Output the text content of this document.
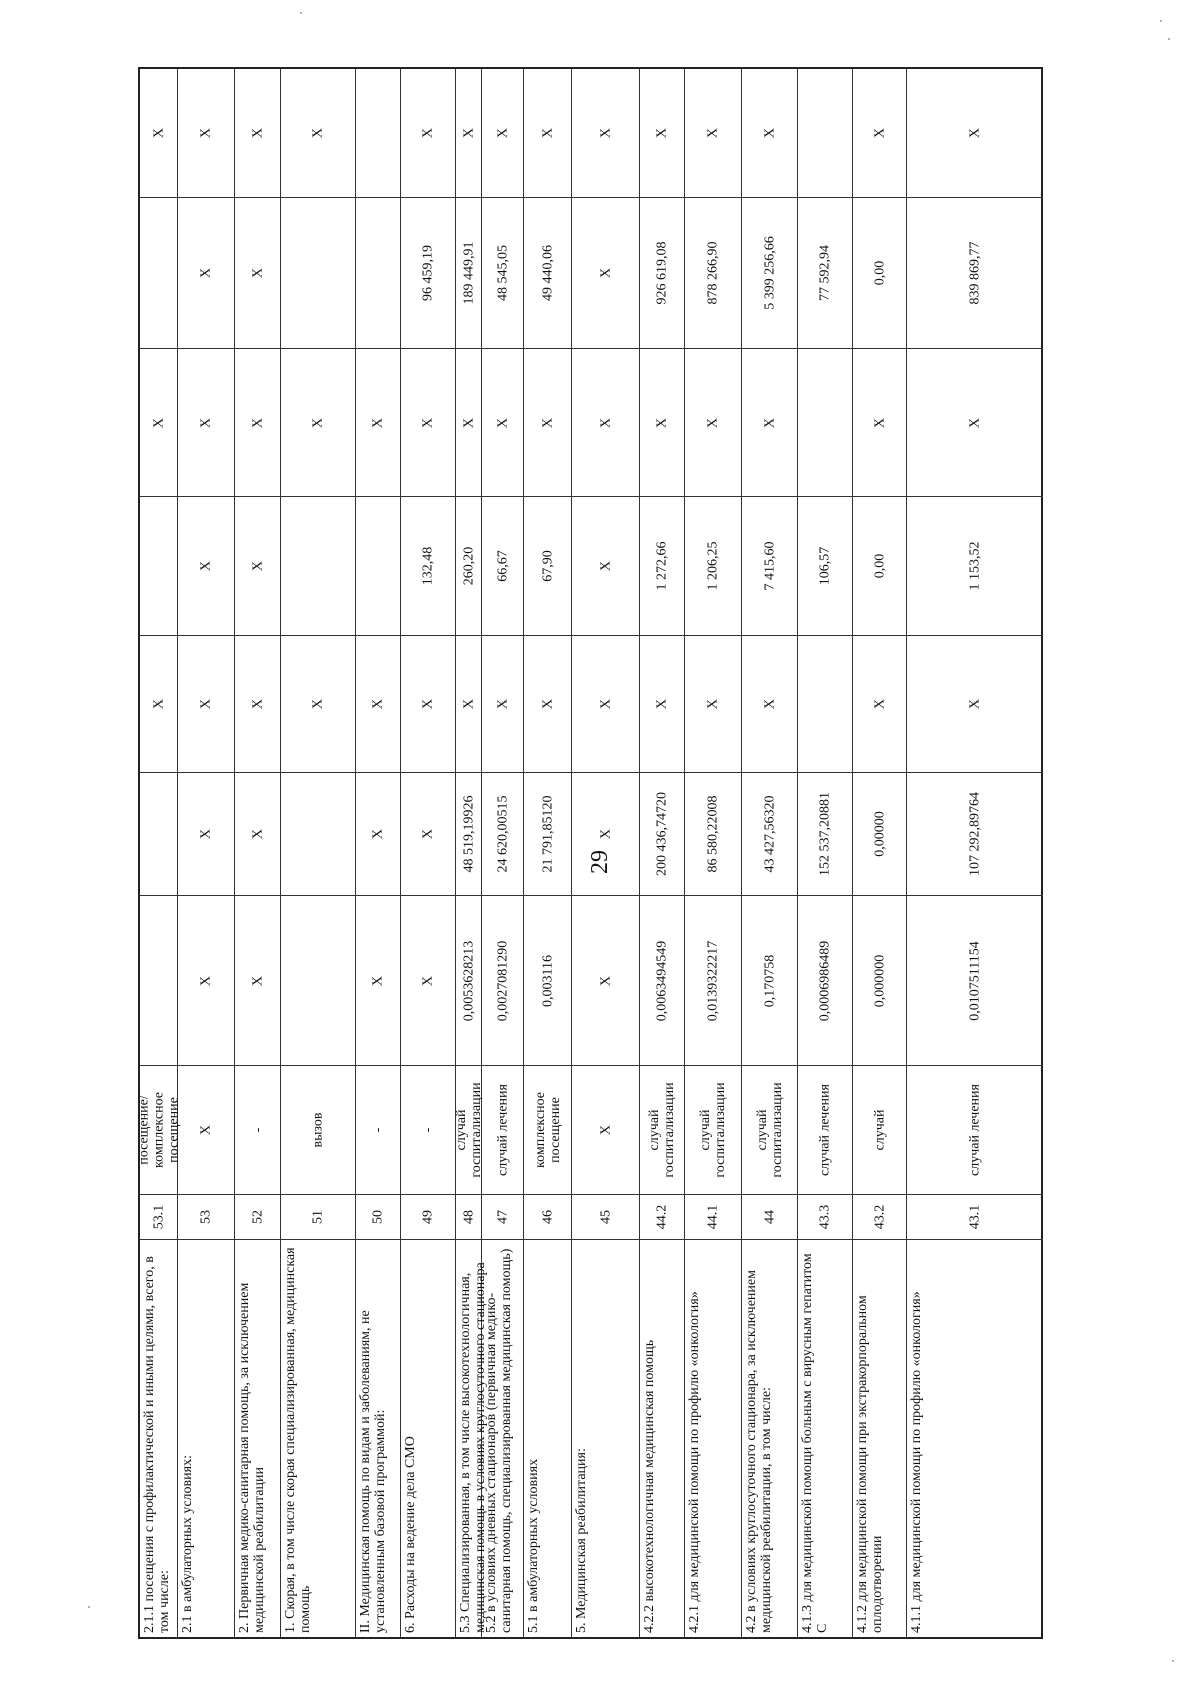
29
2.1.1 посещения с профилактической и иными целями, всего, в том числе:
53.1
посещение/ комплексное посещение
Х
Х
Х
2.1 в амбулаторных условиях:
53
Х
Х
Х
Х
Х
Х
Х
Х
2. Первичная медико-санитарная помощь, за исключением медицинской реабилитации
52
-
Х
Х
Х
Х
Х
Х
Х
1. Скорая, в том числе скорая специализированная, медицинская помощь
51
вызов
Х
Х
Х
II. Медицинская помощь по видам и заболеваниям, не установленным базовой программой:
50
-
Х
Х
Х
Х
6. Расходы на ведение дела СМО
49
-
Х
Х
Х
132,48
Х
96 459,19
Х
5.3 Специализированная, в том числе высокотехнологичная, медицинская помощь в условиях круглосуточного стационара
48
случай госпитализации
0,0053628213
48 519,19926
Х
260,20
Х
189 449,91
Х
5.2 в условиях дневных стационаров (первичная медико-санитарная помощь, специализированная медицинская помощь)
47
случай лечения
0,0027081290
24 620,00515
Х
66,67
Х
48 545,05
Х
5.1 в амбулаторных условиях
46
комплексное посещение
0,003116
21 791,85120
Х
67,90
Х
49 440,06
Х
5. Медицинская реабилитация:
45
Х
Х
Х
Х
Х
Х
Х
Х
4.2.2 высокотехнологичная медицинская помощь
44.2
случай госпитализации
0,0063494549
200 436,74720
Х
1 272,66
Х
926 619,08
Х
4.2.1 для медицинской помощи по профилю «онкология»
44.1
случай госпитализации
0,0139322217
86 580,22008
Х
1 206,25
Х
878 266,90
Х
4.2 в условиях круглосуточного стационара, за исключением медицинской реабилитации, в том числе:
44
случай госпитализации
0,170758
43 427,56320
Х
7 415,60
Х
5 399 256,66
Х
4.1.3 для медицинской помощи больным с вирусным гепатитом С
43.3
случай лечения
0,0006986489
152 537,20881
106,57
77 592,94
4.1.2 для медицинской помощи при экстракорпоральном оплодотворении
43.2
случай
0,000000
0,00000
Х
0,00
Х
0,00
Х
4.1.1 для медицинской помощи по профилю «онкология»
43.1
случай лечения
0,0107511154
107 292,89764
Х
1 153,52
Х
839 869,77
Х
